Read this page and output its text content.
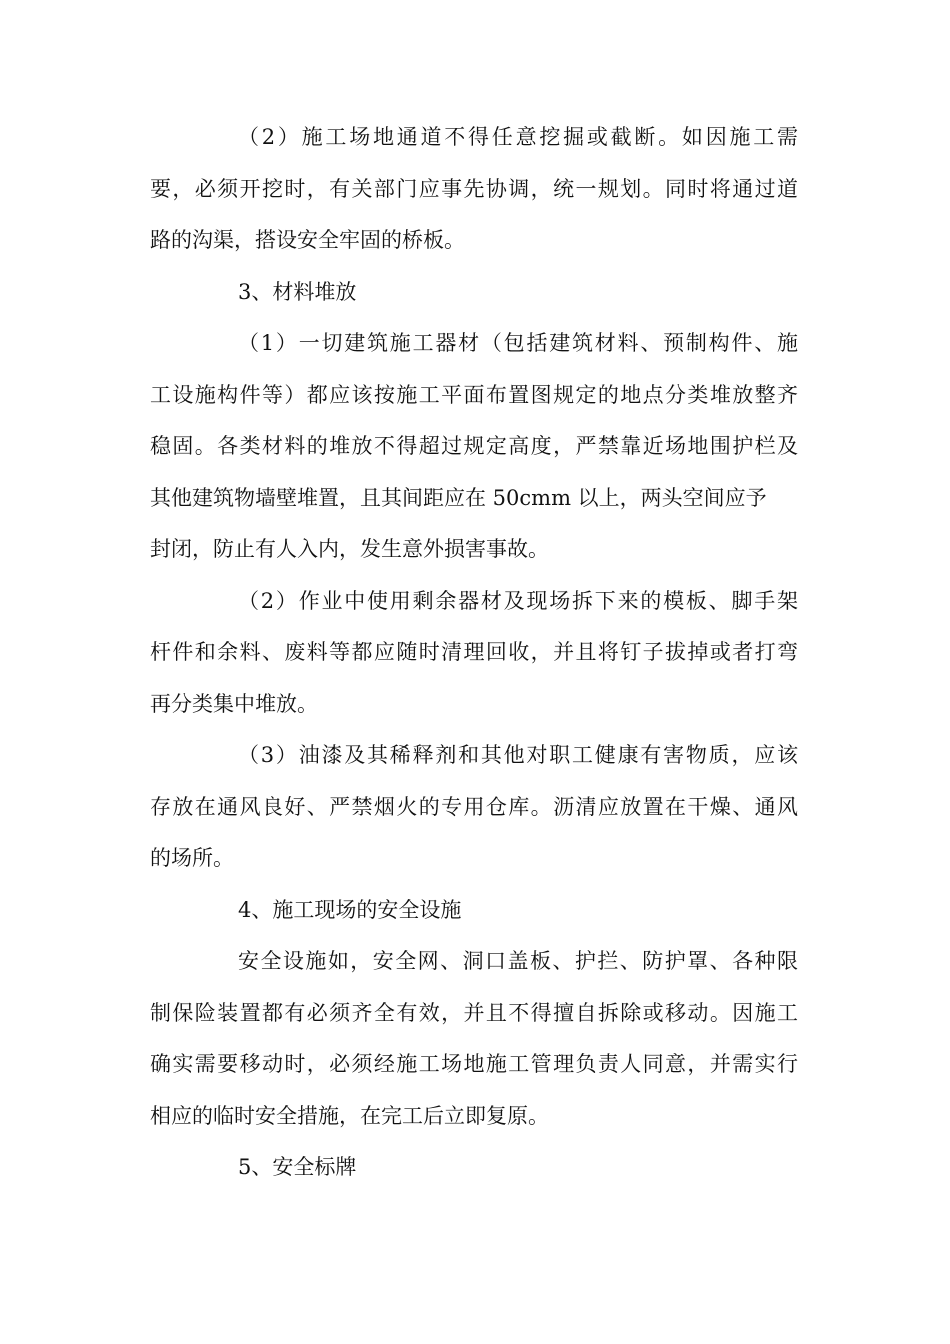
（2）施工场地通道不得任意挖掘或截断。如因施工需
要，必须开挖时，有关部门应事先协调，统一规划。同时将通过道
路的沟渠，搭设安全牢固的桥板。
3、材料堆放
（1）一切建筑施工器材（包括建筑材料、预制构件、施
工设施构件等）都应该按施工平面布置图规定的地点分类堆放整齐
稳固。各类材料的堆放不得超过规定高度，严禁靠近场地围护栏及
其他建筑物墙壁堆置，且其间距应在 50cmm 以上，两头空间应予
封闭，防止有人入内，发生意外损害事故。
（2）作业中使用剩余器材及现场拆下来的模板、脚手架
杆件和余料、废料等都应随时清理回收，并且将钉子拔掉或者打弯
再分类集中堆放。
（3）油漆及其稀释剂和其他对职工健康有害物质，应该
存放在通风良好、严禁烟火的专用仓库。沥清应放置在干燥、通风
的场所。
4、施工现场的安全设施
安全设施如，安全网、洞口盖板、护拦、防护罩、各种限
制保险装置都有必须齐全有效，并且不得擅自拆除或移动。因施工
确实需要移动时，必须经施工场地施工管理负责人同意，并需实行
相应的临时安全措施，在完工后立即复原。
5、安全标牌
